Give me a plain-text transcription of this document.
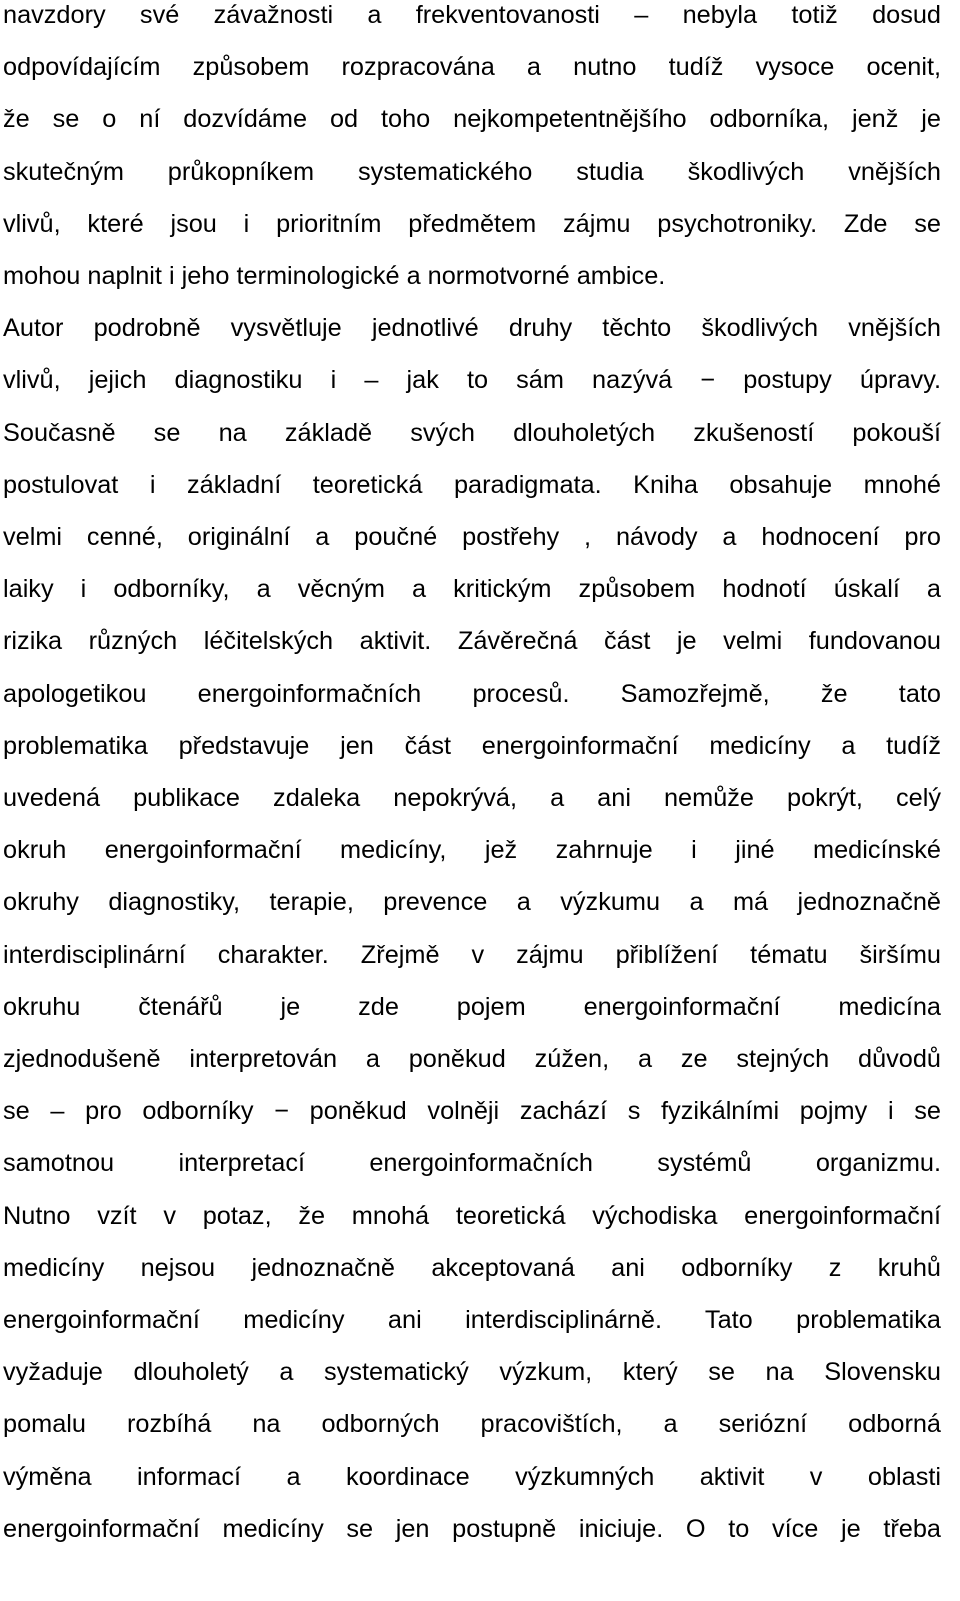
navzdory své závažnosti a frekventovanosti – nebyla totiž dosud
odpovídajícím způsobem rozpracována a nutno tudíž vysoce ocenit,
že se o ní dozvídáme od toho nejkompetentnějšího odborníka, jenž je
skutečným průkopníkem systematického studia škodlivých vnějších
vlivů, které jsou i prioritním předmětem zájmu psychotroniky. Zde se
mohou naplnit i jeho terminologické a normotvorné ambice.

Autor podrobně vysvětluje jednotlivé druhy těchto škodlivých vnějších
vlivů, jejich diagnostiku i – jak to sám nazývá − postupy úpravy.
Současně se na základě svých dlouholetých zkušeností pokouší
postulovat i základní teoretická paradigmata. Kniha obsahuje mnohé
velmi cenné, originální a poučné postřehy , návody a hodnocení pro
laiky i odborníky, a věcným a kritickým způsobem hodnotí úskalí a
rizika různých léčitelských aktivit. Závěrečná část je velmi fundovanou
apologetikou energoinformačních procesů. Samozřejmě, že tato
problematika představuje jen část energoinformační medicíny a tudíž
uvedená publikace zdaleka nepokrývá, a ani nemůže pokrýt, celý
okruh energoinformační medicíny, jež zahrnuje i jiné medicínské
okruhy diagnostiky, terapie, prevence a výzkumu a má jednoznačně
interdisciplinární charakter. Zřejmě v zájmu přiblížení tématu širšímu
okruhu čtenářů je zde pojem energoinformační medicína
zjednodušeně interpretován a poněkud zúžen, a ze stejných důvodů
se – pro odborníky − poněkud volněji zachází s fyzikálními pojmy i se
samotnou interpretací energoinformačních systémů organizmu.
Nutno vzít v potaz, že mnohá teoretická východiska energoinformační
medicíny nejsou jednoznačně akceptovaná ani odborníky z kruhů
energoinformační medicíny ani interdisciplinárně. Tato problematika
vyžaduje dlouholetý a systematický výzkum, který se na Slovensku
pomalu rozbíhá na odborných pracovištích, a seriózní odborná
výměna informací a koordinace výzkumných aktivit v oblasti
energoinformační medicíny se jen postupně iniciuje. O to více je třeba
